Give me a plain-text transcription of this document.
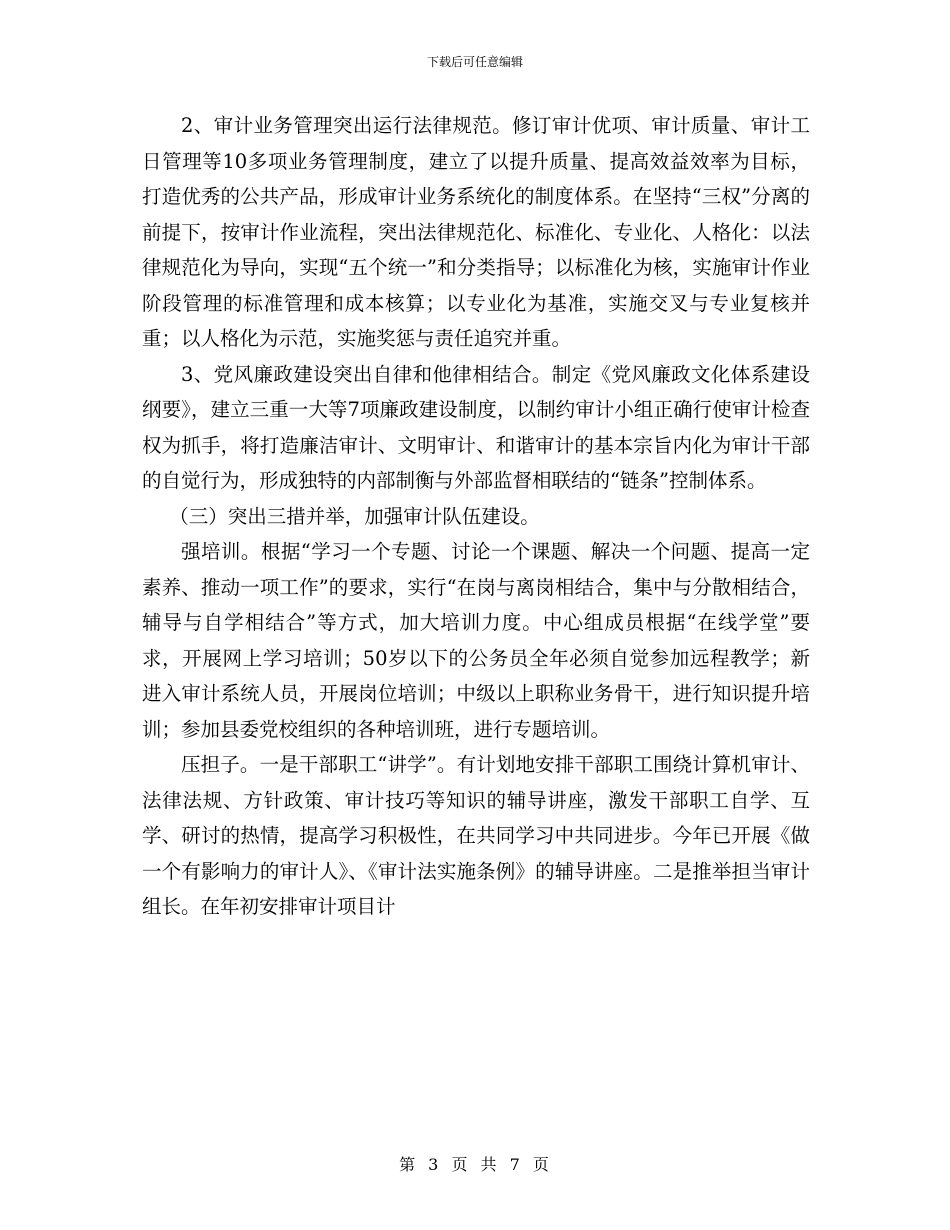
下载后可任意编辑

2、审计业务管理突出运行法律规范。修订审计优项、审计质量、审计工日管理等10多项业务管理制度，建立了以提升质量、提高效益效率为目标，打造优秀的公共产品，形成审计业务系统化的制度体系。在坚持“三权”分离的前提下，按审计作业流程，突出法律规范化、标准化、专业化、人格化：以法律规范化为导向，实现“五个统一”和分类指导；以标准化为核，实施审计作业阶段管理的标准管理和成本核算；以专业化为基准，实施交叉与专业复核并重；以人格化为示范，实施奖惩与责任追究并重。

3、党风廉政建设突出自律和他律相结合。制定《党风廉政文化体系建设纲要》，建立三重一大等7项廉政建设制度，以制约审计小组正确行使审计检查权为抓手，将打造廉洁审计、文明审计、和谐审计的基本宗旨内化为审计干部的自觉行为，形成独特的内部制衡与外部监督相联结的“链条”控制体系。

（三）突出三措并举，加强审计队伍建设。

强培训。根据“学习一个专题、讨论一个课题、解决一个问题、提高一定素养、推动一项工作”的要求，实行“在岗与离岗相结合，集中与分散相结合，辅导与自学相结合”等方式，加大培训力度。中心组成员根据“在线学堂”要求，开展网上学习培训；50岁以下的公务员全年必须自觉参加远程教学；新进入审计系统人员，开展岗位培训；中级以上职称业务骨干，进行知识提升培训；参加县委党校组织的各种培训班，进行专题培训。

压担子。一是干部职工“讲学”。有计划地安排干部职工围绕计算机审计、法律法规、方针政策、审计技巧等知识的辅导讲座，激发干部职工自学、互学、研讨的热情，提高学习积极性，在共同学习中共同进步。今年已开展《做一个有影响力的审计人》、《审计法实施条例》的辅导讲座。二是推举担当审计组长。在年初安排审计项目计

第 3 页 共 7 页
